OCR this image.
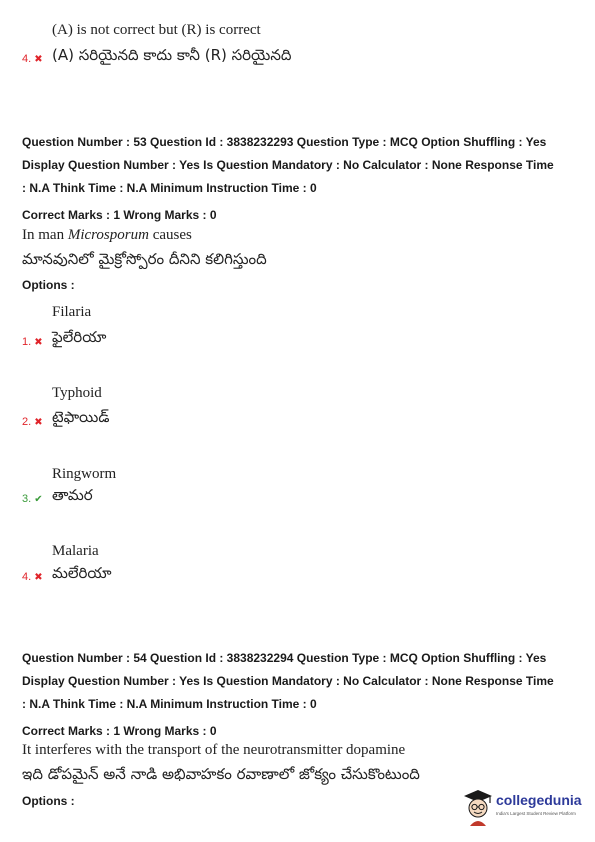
(A) is not correct but (R) is correct
4. ✖ (A) సరియైనది కాదు కానీ (R) సరియైనది
Question Number : 53 Question Id : 3838232293 Question Type : MCQ Option Shuffling : Yes
Display Question Number : Yes Is Question Mandatory : No Calculator : None Response Time
: N.A Think Time : N.A Minimum Instruction Time : 0
Correct Marks : 1 Wrong Marks : 0
In man Microsporum causes
మానవునిలో మైక్రోస్పోరం దీనిని కలిగిస్తుంది
Options :
Filaria
1. ✖ ఫైలేరియా
Typhoid
2. ✖ టైఫాయిడ్
Ringworm
3. ✔ తామర
Malaria
4. ✖ మలేరియా
Question Number : 54 Question Id : 3838232294 Question Type : MCQ Option Shuffling : Yes
Display Question Number : Yes Is Question Mandatory : No Calculator : None Response Time
: N.A Think Time : N.A Minimum Instruction Time : 0
Correct Marks : 1 Wrong Marks : 0
It interferes with the transport of the neurotransmitter dopamine
ఇది డోపమైన్ అనే నాడి అభివాహకం రవాణాలో జోక్యం చేసుకొంటుంది
Options :	collegedunia
India's Largest Student Review Platform
